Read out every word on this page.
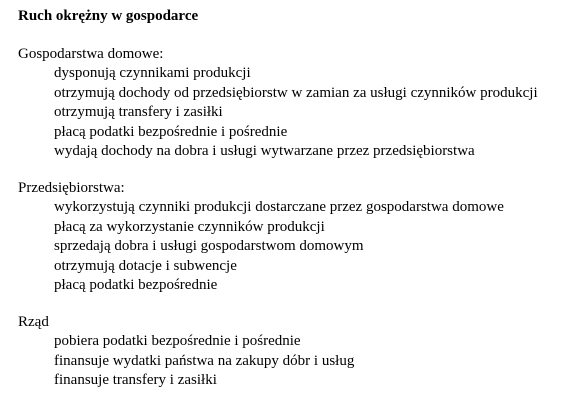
Ruch okrężny w gospodarce
Gospodarstwa domowe:
dysponują czynnikami produkcji
otrzymują dochody od przedsiębiorstw w zamian za usługi czynników produkcji
otrzymują transfery i zasiłki
płacą podatki bezpośrednie i pośrednie
wydają dochody na dobra i usługi wytwarzane przez przedsiębiorstwa
Przedsiębiorstwa:
wykorzystują czynniki produkcji dostarczane przez gospodarstwa domowe
płacą za wykorzystanie czynników produkcji
sprzedają dobra i usługi gospodarstwom domowym
otrzymują dotacje i subwencje
płacą podatki bezpośrednie
Rząd
pobiera podatki bezpośrednie i pośrednie
finansuje wydatki państwa na zakupy dóbr i usług
finansuje transfery i zasiłki
